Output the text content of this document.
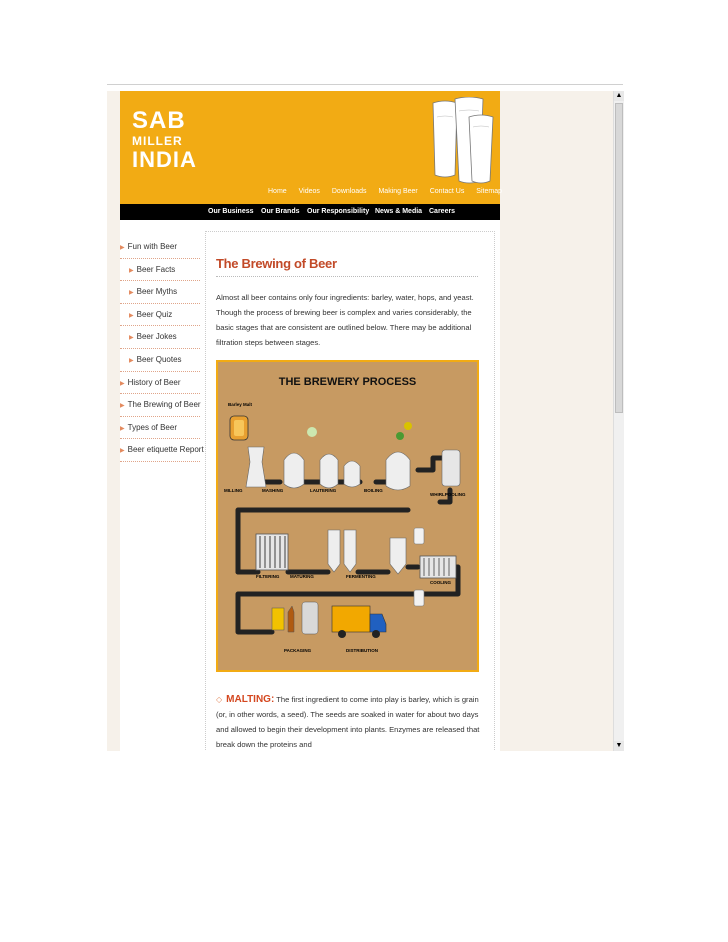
SAB
MILLER
INDIA
Home Videos Downloads Making Beer Contact Us Sitemap
Our Business Our Brands Our Responsibility News & Media Careers
▶ Fun with Beer
▶ Beer Facts
▶ Beer Myths
▶ Beer Quiz
▶ Beer Jokes
▶ Beer Quotes
▶ History of Beer
▶ The Brewing of Beer
▶ Types of Beer
▶ Beer etiquette Report
The Brewing of Beer
Almost all beer contains only four ingredients: barley, water, hops, and yeast. Though the process of brewing beer is complex and varies considerably, the basic stages that are consistent are outlined below. There may be additional filtration steps between stages.
THE BREWERY PROCESS
Barley Malt
MILLING	MASHING	LAUTERING	BOILING
WHIRLPOOLING
FILTERING MATURING	FERMENTING
COOLING
PACKAGING	DISTRIBUTION
◇ MALTING: The first ingredient to come into play is barley, which is grain (or, in other words, a seed). The seeds are soaked in water for about two days and allowed to begin their development into plants. Enzymes are released that break down the proteins and
▲
▼
